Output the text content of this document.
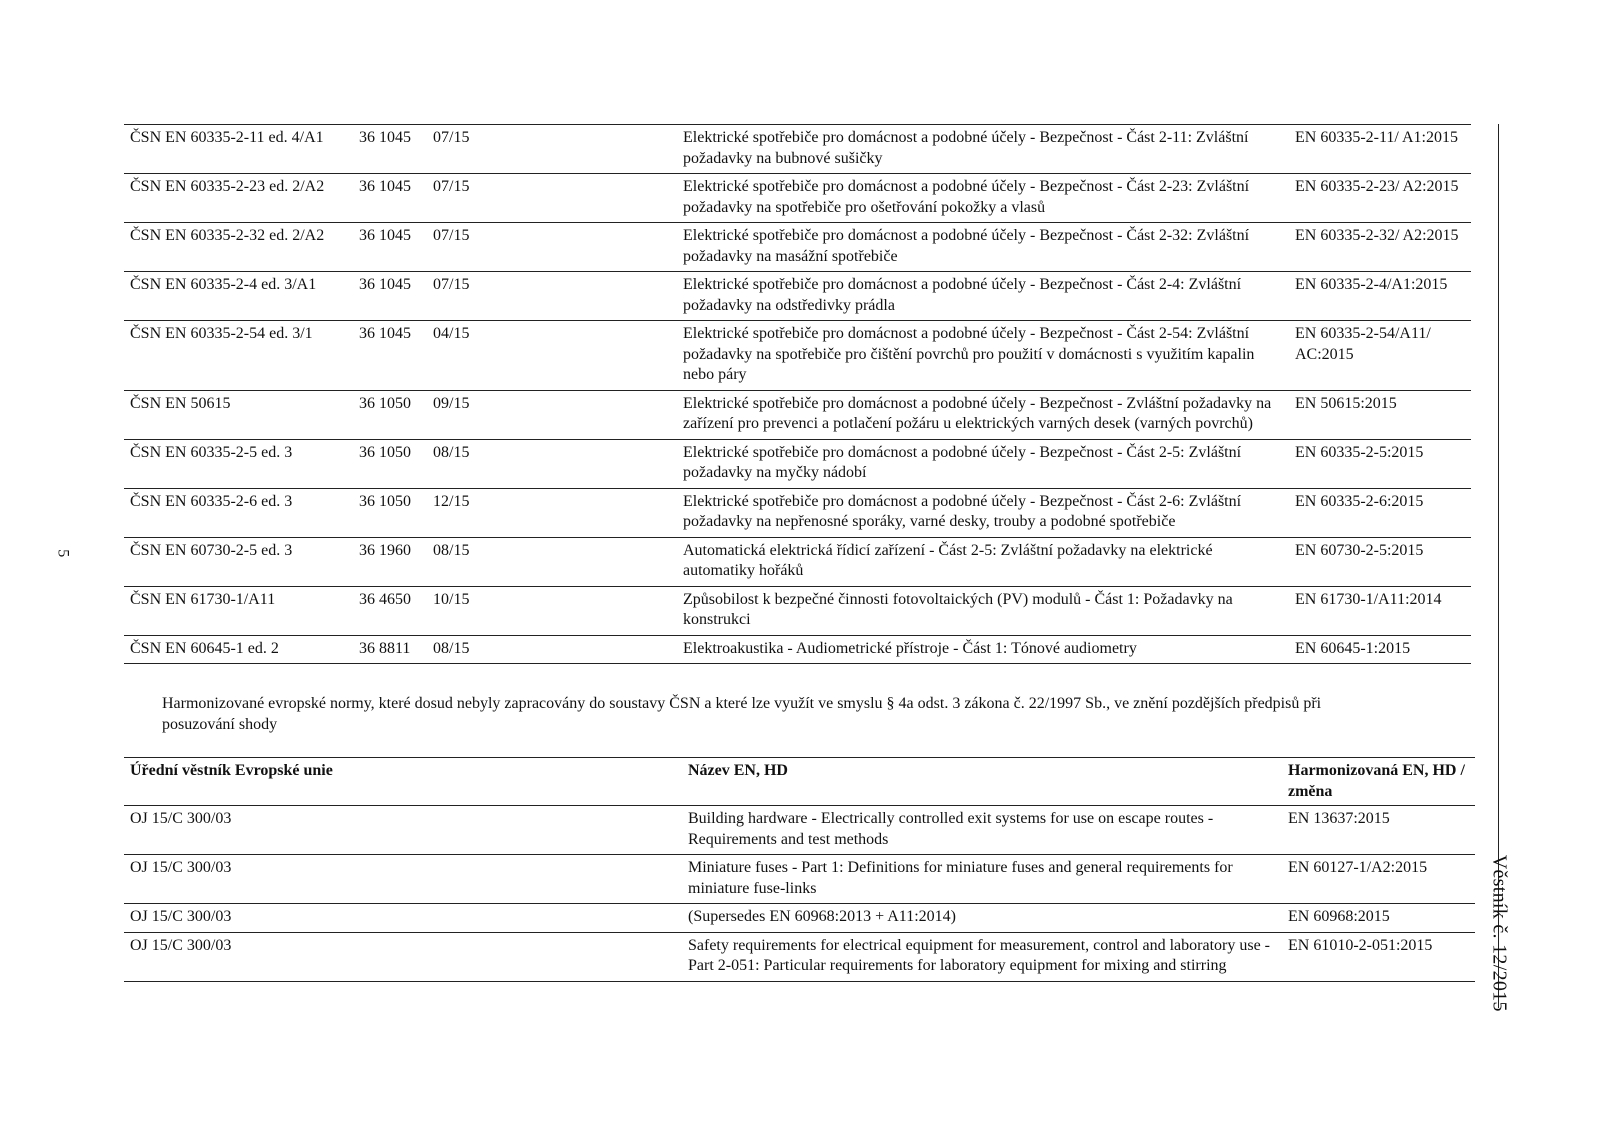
5
Věstník č. 12/2015
ČSN EN 60335-2-11 ed. 4/A1	36 1045	07/15	Elektrické spotřebiče pro domácnost a podobné účely - Bezpečnost - Část 2-11: Zvláštní požadavky na bubnové sušičky	EN 60335-2-11/ A1:2015
ČSN EN 60335-2-23 ed. 2/A2	36 1045	07/15	Elektrické spotřebiče pro domácnost a podobné účely - Bezpečnost - Část 2-23: Zvláštní požadavky na spotřebiče pro ošetřování pokožky a vlasů	EN 60335-2-23/ A2:2015
ČSN EN 60335-2-32 ed. 2/A2	36 1045	07/15	Elektrické spotřebiče pro domácnost a podobné účely - Bezpečnost - Část 2-32: Zvláštní požadavky na masážní spotřebiče	EN 60335-2-32/ A2:2015
ČSN EN 60335-2-4 ed. 3/A1	36 1045	07/15	Elektrické spotřebiče pro domácnost a podobné účely - Bezpečnost - Část 2-4: Zvláštní požadavky na odstředivky prádla	EN 60335-2-4/A1:2015
ČSN EN 60335-2-54 ed. 3/1	36 1045	04/15	Elektrické spotřebiče pro domácnost a podobné účely - Bezpečnost - Část 2-54: Zvláštní požadavky na spotřebiče pro čištění povrchů pro použití v domácnosti s využitím kapalin nebo páry	EN 60335-2-54/A11/ AC:2015
ČSN EN 50615	36 1050	09/15	Elektrické spotřebiče pro domácnost a podobné účely - Bezpečnost - Zvláštní požadavky na zařízení pro prevenci a potlačení požáru u elektrických varných desek (varných povrchů)	EN 50615:2015
ČSN EN 60335-2-5 ed. 3	36 1050	08/15	Elektrické spotřebiče pro domácnost a podobné účely - Bezpečnost - Část 2-5: Zvláštní požadavky na myčky nádobí	EN 60335-2-5:2015
ČSN EN 60335-2-6 ed. 3	36 1050	12/15	Elektrické spotřebiče pro domácnost a podobné účely - Bezpečnost - Část 2-6: Zvláštní požadavky na nepřenosné sporáky, varné desky, trouby a podobné spotřebiče	EN 60335-2-6:2015
ČSN EN 60730-2-5 ed. 3	36 1960	08/15	Automatická elektrická řídicí zařízení - Část 2-5: Zvláštní požadavky na elektrické automatiky hořáků	EN 60730-2-5:2015
ČSN EN 61730-1/A11	36 4650	10/15	Způsobilost k bezpečné činnosti fotovoltaických (PV) modulů - Část 1: Požadavky na konstrukci	EN 61730-1/A11:2014
ČSN EN 60645-1 ed. 2	36 8811	08/15	Elektroakustika - Audiometrické přístroje - Část 1: Tónové audiometry	EN 60645-1:2015
Harmonizované evropské normy, které dosud nebyly zapracovány do soustavy ČSN a které lze využít ve smyslu § 4a odst. 3 zákona č. 22/1997 Sb., ve znění pozdějších předpisů při posuzování shody
Úřední věstník Evropské unie	Název EN, HD	Harmonizovaná EN, HD / změna
OJ 15/C 300/03	Building hardware - Electrically controlled exit systems for use on escape routes - Requirements and test methods	EN 13637:2015
OJ 15/C 300/03	Miniature fuses - Part 1: Definitions for miniature fuses and general requirements for miniature fuse-links	EN 60127-1/A2:2015
OJ 15/C 300/03	(Supersedes EN 60968:2013 + A11:2014)	EN 60968:2015
OJ 15/C 300/03	Safety requirements for electrical equipment for measurement, control and laboratory use - Part 2-051: Particular requirements for laboratory equipment for mixing and stirring	EN 61010-2-051:2015
